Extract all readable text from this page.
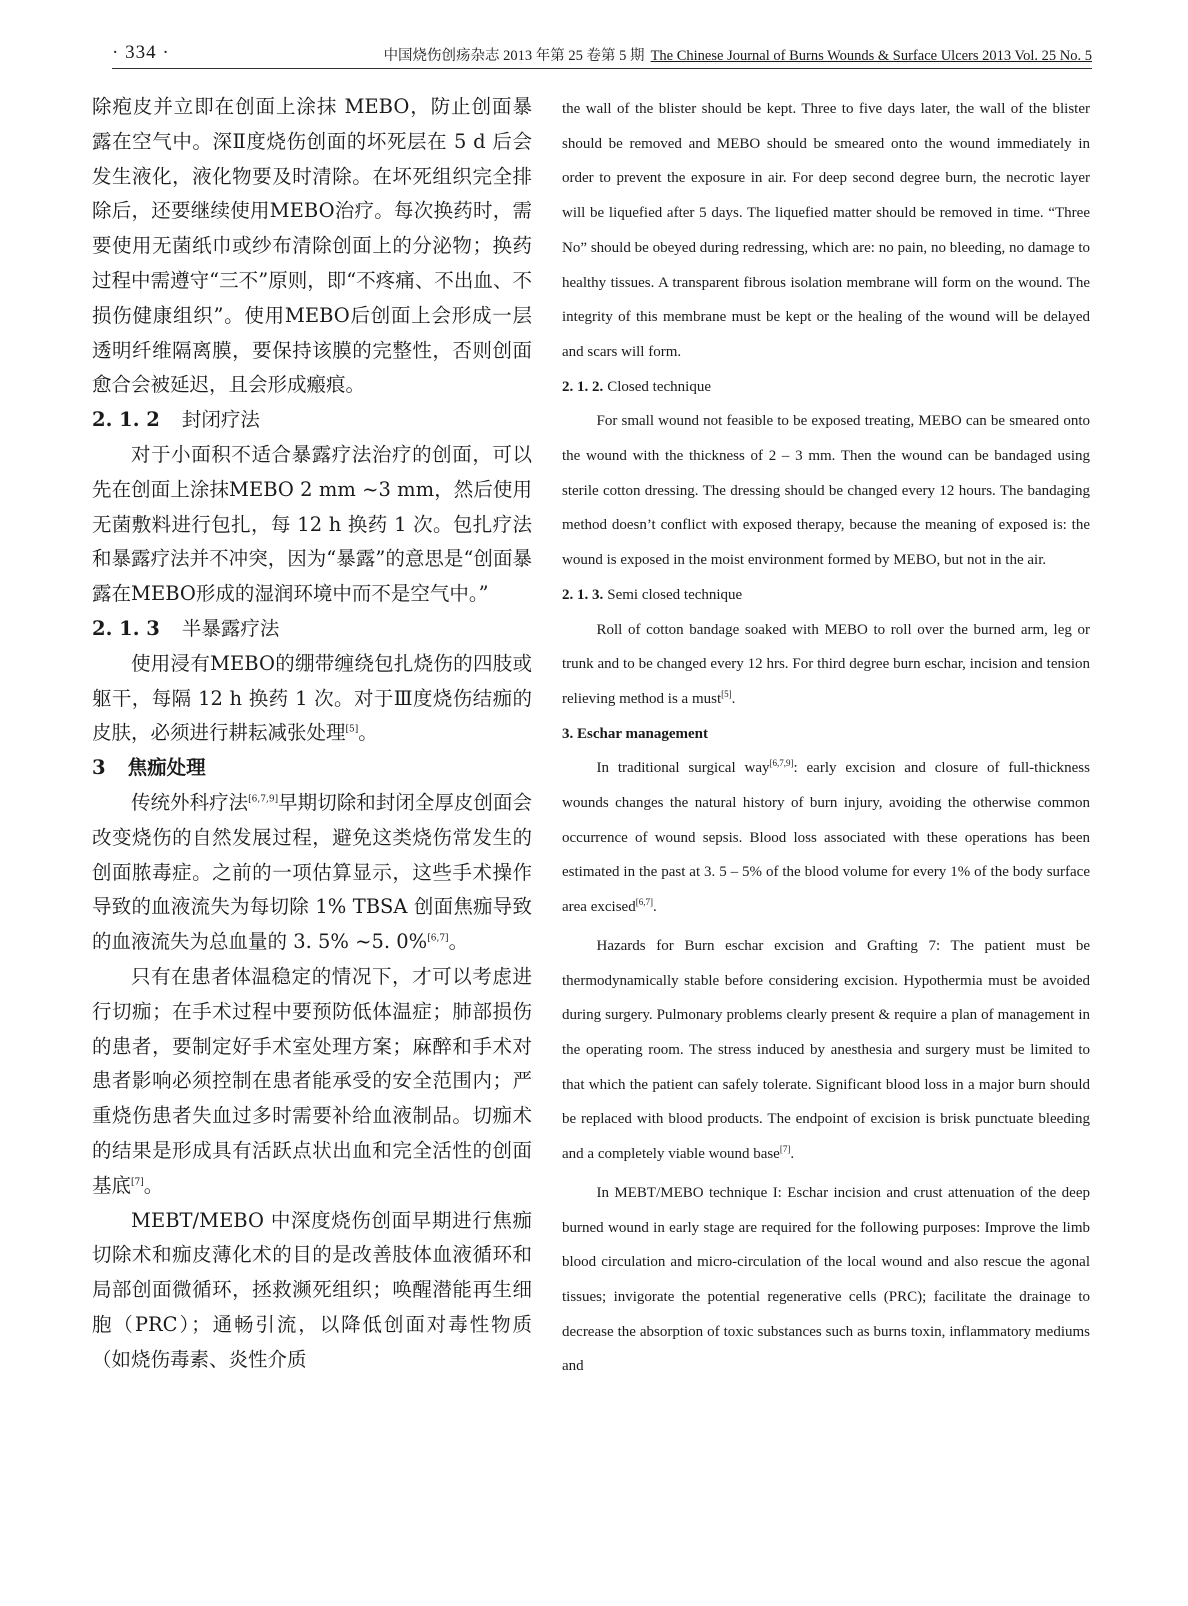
· 334 ·	中国烧伤创疡杂志 2013 年第 25 卷第 5 期 The Chinese Journal of Burns Wounds & Surface Ulcers 2013 Vol. 25 No. 5

除疱皮并立即在创面上涂抹 MEBO，防止创面暴露在空气中。深Ⅱ度烧伤创面的坏死层在 5 d 后会发生液化，液化物要及时清除。在坏死组织完全排除后，还要继续使用MEBO治疗。每次换药时，需要使用无菌纸巾或纱布清除创面上的分泌物；换药过程中需遵守“三不”原则，即“不疼痛、不出血、不损伤健康组织”。使用MEBO后创面上会形成一层透明纤维隔离膜，要保持该膜的完整性，否则创面愈合会被延迟，且会形成瘢痕。

2. 1. 2 封闭疗法

对于小面积不适合暴露疗法治疗的创面，可以先在创面上涂抹MEBO 2 mm ~3 mm，然后使用无菌敷料进行包扎，每 12 h 换药 1 次。包扎疗法和暴露疗法并不冲突，因为“暴露”的意思是“创面暴露在MEBO形成的湿润环境中而不是空气中。”

2. 1. 3 半暴露疗法

使用浸有MEBO的绷带缠绕包扎烧伤的四肢或躯干，每隔 12 h 换药 1 次。对于Ⅲ度烧伤结痂的皮肤，必须进行耕耘减张处理[5]。

3 焦痂处理

传统外科疗法[6,7,9]早期切除和封闭全厚皮创面会改变烧伤的自然发展过程，避免这类烧伤常发生的创面脓毒症。之前的一项估算显示，这些手术操作导致的血液流失为每切除 1% TBSA 创面焦痂导致的血液流失为总血量的 3. 5% ~5. 0%[6,7]。

只有在患者体温稳定的情况下，才可以考虑进行切痂；在手术过程中要预防低体温症；肺部损伤的患者，要制定好手术室处理方案；麻醉和手术对患者影响必须控制在患者能承受的安全范围内；严重烧伤患者失血过多时需要补给血液制品。切痂术的结果是形成具有活跃点状出血和完全活性的创面基底[7]。

MEBT/MEBO 中深度烧伤创面早期进行焦痂切除术和痂皮薄化术的目的是改善肢体血液循环和局部创面微循环，拯救濒死组织；唤醒潜能再生细胞（PRC）；通畅引流，以降低创面对毒性物质（如烧伤毒素、炎性介质

the wall of the blister should be kept. Three to five days later, the wall of the blister should be removed and MEBO should be smeared onto the wound immediately in order to prevent the exposure in air. For deep second degree burn, the necrotic layer will be liquefied after 5 days. The liquefied matter should be removed in time. “Three No” should be obeyed during redressing, which are: no pain, no bleeding, no damage to healthy tissues. A transparent fibrous isolation membrane will form on the wound. The integrity of this membrane must be kept or the healing of the wound will be delayed and scars will form.

2. 1. 2. Closed technique

For small wound not feasible to be exposed treating, MEBO can be smeared onto the wound with the thickness of 2 – 3 mm. Then the wound can be bandaged using sterile cotton dressing. The dressing should be changed every 12 hours. The bandaging method doesn’t conflict with exposed therapy, because the meaning of exposed is: the wound is exposed in the moist environment formed by MEBO, but not in the air.

2. 1. 3. Semi closed technique

Roll of cotton bandage soaked with MEBO to roll over the burned arm, leg or trunk and to be changed every 12 hrs. For third degree burn eschar, incision and tension relieving method is a must[5].

3. Eschar management

In traditional surgical way[6,7,9]: early excision and closure of full-thickness wounds changes the natural history of burn injury, avoiding the otherwise common occurrence of wound sepsis. Blood loss associated with these operations has been estimated in the past at 3. 5 – 5% of the blood volume for every 1% of the body surface area excised[6,7].

Hazards for Burn eschar excision and Grafting 7: The patient must be thermodynamically stable before considering excision. Hypothermia must be avoided during surgery. Pulmonary problems clearly present & require a plan of management in the operating room. The stress induced by anesthesia and surgery must be limited to that which the patient can safely tolerate. Significant blood loss in a major burn should be replaced with blood products. The endpoint of excision is brisk punctuate bleeding and a completely viable wound base[7].

In MEBT/MEBO technique I: Eschar incision and crust attenuation of the deep burned wound in early stage are required for the following purposes: Improve the limb blood circulation and micro-circulation of the local wound and also rescue the agonal tissues; invigorate the potential regenerative cells (PRC); facilitate the drainage to decrease the absorption of toxic substances such as burns toxin, inflammatory mediums and
